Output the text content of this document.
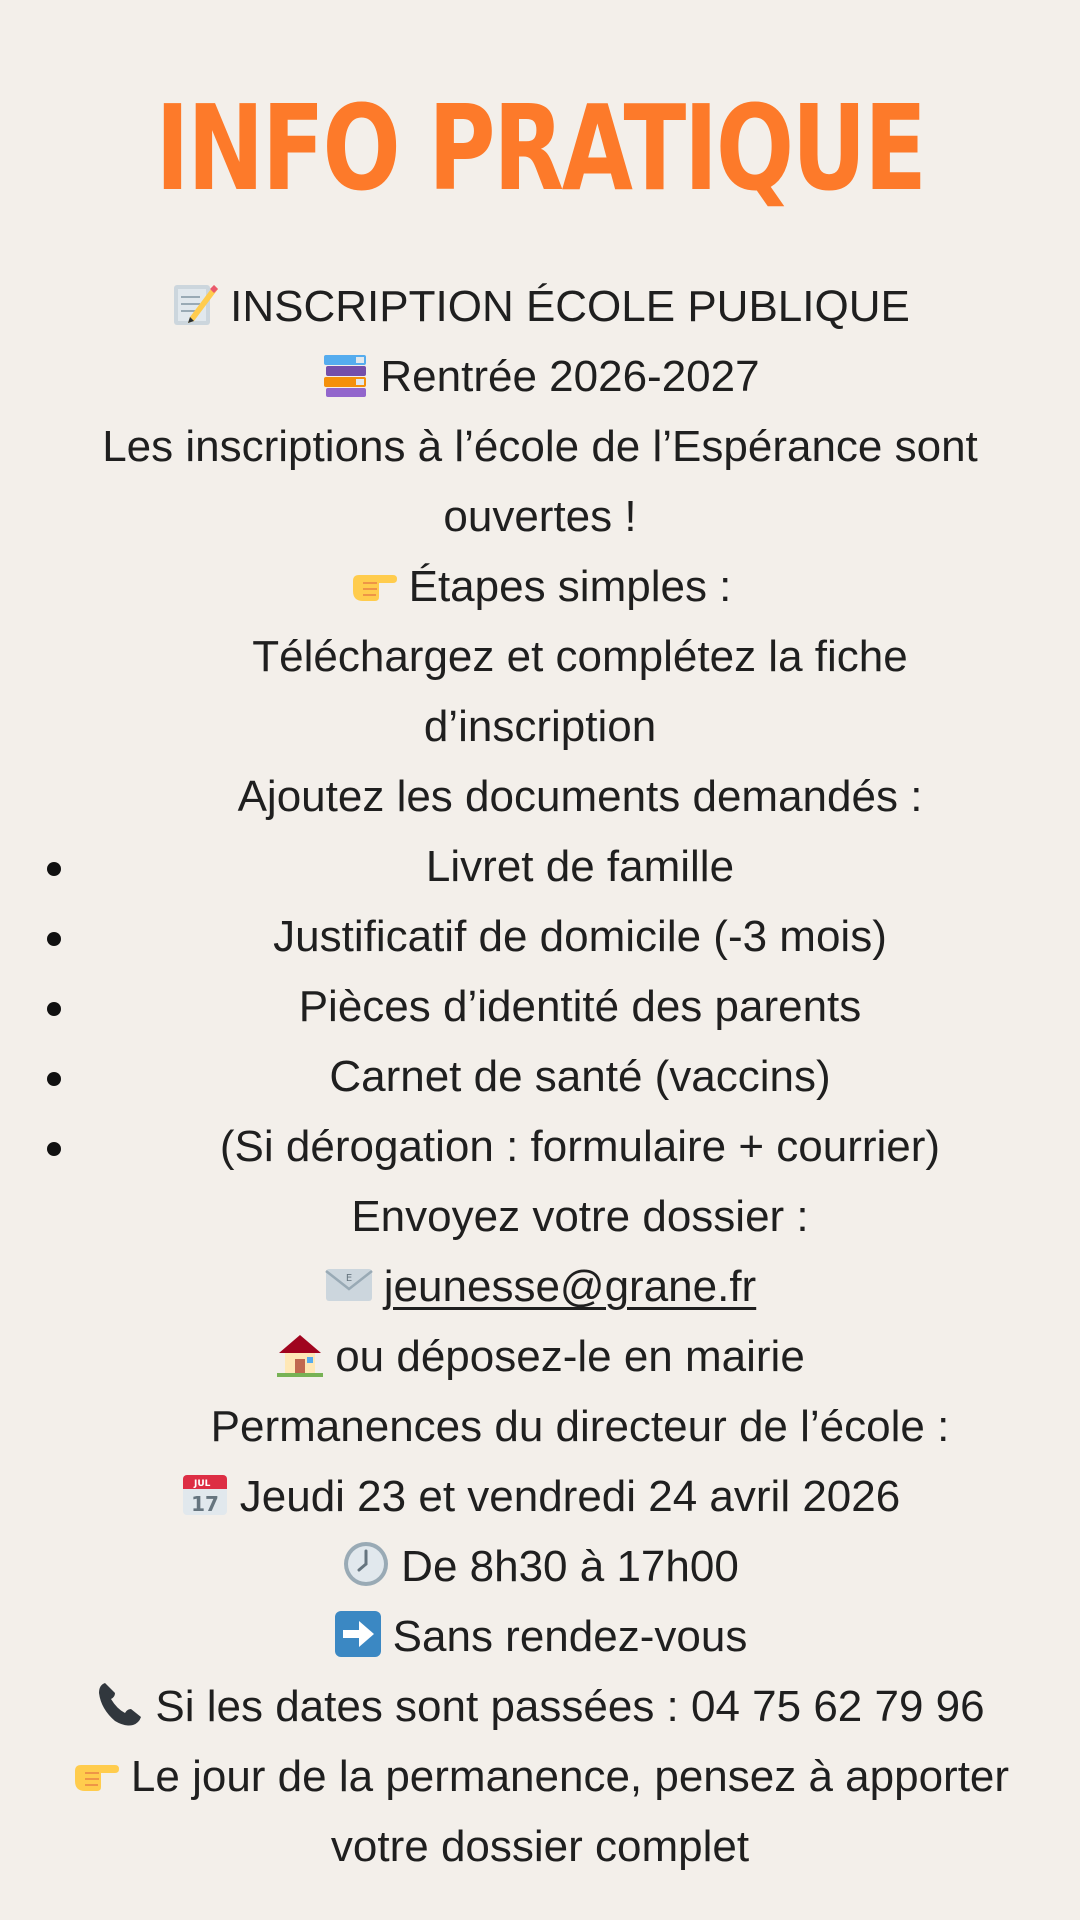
INFO PRATIQUE
INSCRIPTION ÉCOLE PUBLIQUE
Rentrée 2026-2027
Les inscriptions à l’école de l’Espérance sont
ouvertes !
Étapes simples :
Téléchargez et complétez la fiche
d’inscription
Ajoutez les documents demandés :
Livret de famille
Justificatif de domicile (-3 mois)
Pièces d’identité des parents
Carnet de santé (vaccins)
(Si dérogation : formulaire + courrier)
Envoyez votre dossier :
E jeunesse@grane.fr
ou déposez-le en mairie
Permanences du directeur de l’école :
JUL
17 Jeudi 23 et vendredi 24 avril 2026
De 8h30 à 17h00
Sans rendez-vous
Si les dates sont passées : 04 75 62 79 96
Le jour de la permanence, pensez à apporter
votre dossier complet
